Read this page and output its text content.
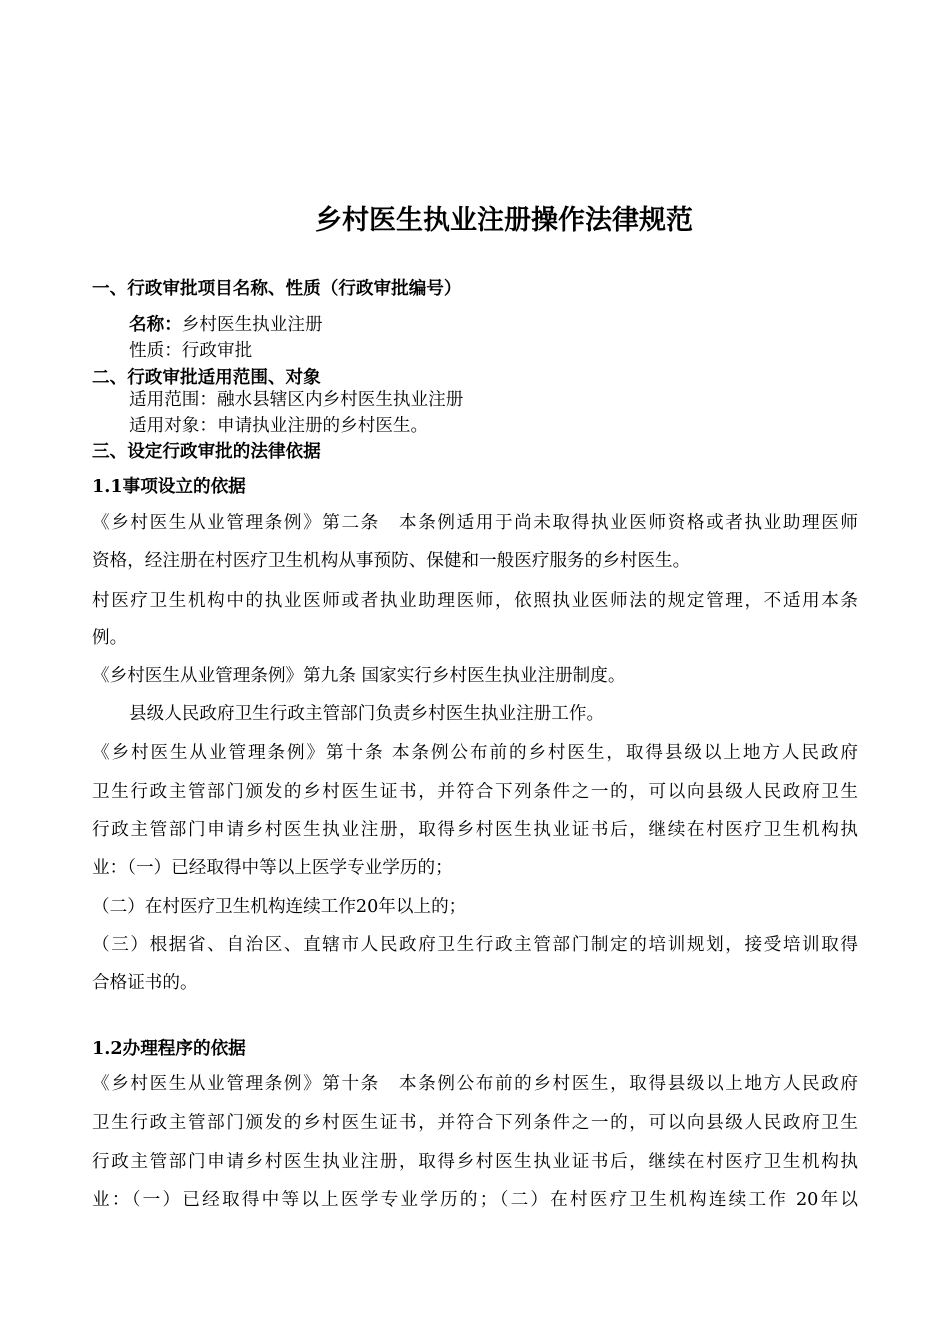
乡村医生执业注册操作法律规范
一、行政审批项目名称、性质（行政审批编号）
名称：乡村医生执业注册
性质：行政审批
二、行政审批适用范围、对象
适用范围：融水县辖区内乡村医生执业注册
适用对象：申请执业注册的乡村医生。
三、设定行政审批的法律依据
1.1事项设立的依据
《乡村医生从业管理条例》第二条　本条例适用于尚未取得执业医师资格或者执业助理医师
资格，经注册在村医疗卫生机构从事预防、保健和一般医疗服务的乡村医生。
村医疗卫生机构中的执业医师或者执业助理医师，依照执业医师法的规定管理，不适用本条
例。
《乡村医生从业管理条例》第九条 国家实行乡村医生执业注册制度。
县级人民政府卫生行政主管部门负责乡村医生执业注册工作。
《乡村医生从业管理条例》第十条 本条例公布前的乡村医生，取得县级以上地方人民政府
卫生行政主管部门颁发的乡村医生证书，并符合下列条件之一的，可以向县级人民政府卫生
行政主管部门申请乡村医生执业注册，取得乡村医生执业证书后，继续在村医疗卫生机构执
业：（一）已经取得中等以上医学专业学历的；
（二）在村医疗卫生机构连续工作20年以上的；
（三）根据省、自治区、直辖市人民政府卫生行政主管部门制定的培训规划，接受培训取得
合格证书的。
1.2办理程序的依据
《乡村医生从业管理条例》第十条　本条例公布前的乡村医生，取得县级以上地方人民政府
卫生行政主管部门颁发的乡村医生证书，并符合下列条件之一的，可以向县级人民政府卫生
行政主管部门申请乡村医生执业注册，取得乡村医生执业证书后，继续在村医疗卫生机构执
业：（一）已经取得中等以上医学专业学历的；（二）在村医疗卫生机构连续工作 20年以
